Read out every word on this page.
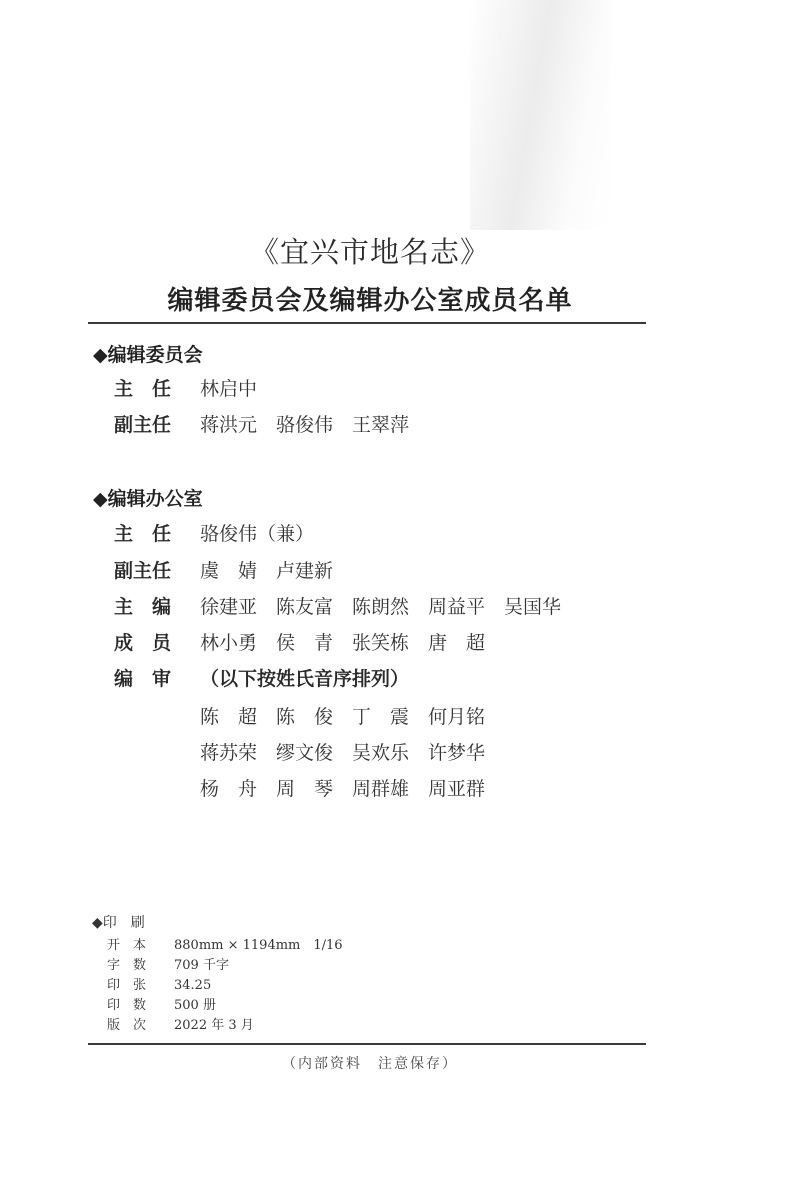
《宜兴市地名志》
编辑委员会及编辑办公室成员名单
◆编辑委员会
主　任 林启中
副主任 蒋洪元　骆俊伟　王翠萍
◆编辑办公室
主　任 骆俊伟（兼）
副主任 虞　婧　卢建新
主　编 徐建亚　陈友富　陈朗然　周益平　吴国华
成　员 林小勇　侯　青　张笑栋　唐　超
编　审 （以下按姓氏音序排列）
陈　超　陈　俊　丁　震　何月铭
蒋苏荣　缪文俊　吴欢乐　许梦华
杨　舟　周　琴　周群雄　周亚群
◆印　刷
开　本 880mm × 1194mm　1/16
字　数 709 千字
印　张 34.25
印　数 500 册
版　次 2022 年 3 月
（内部资料　注意保存）
